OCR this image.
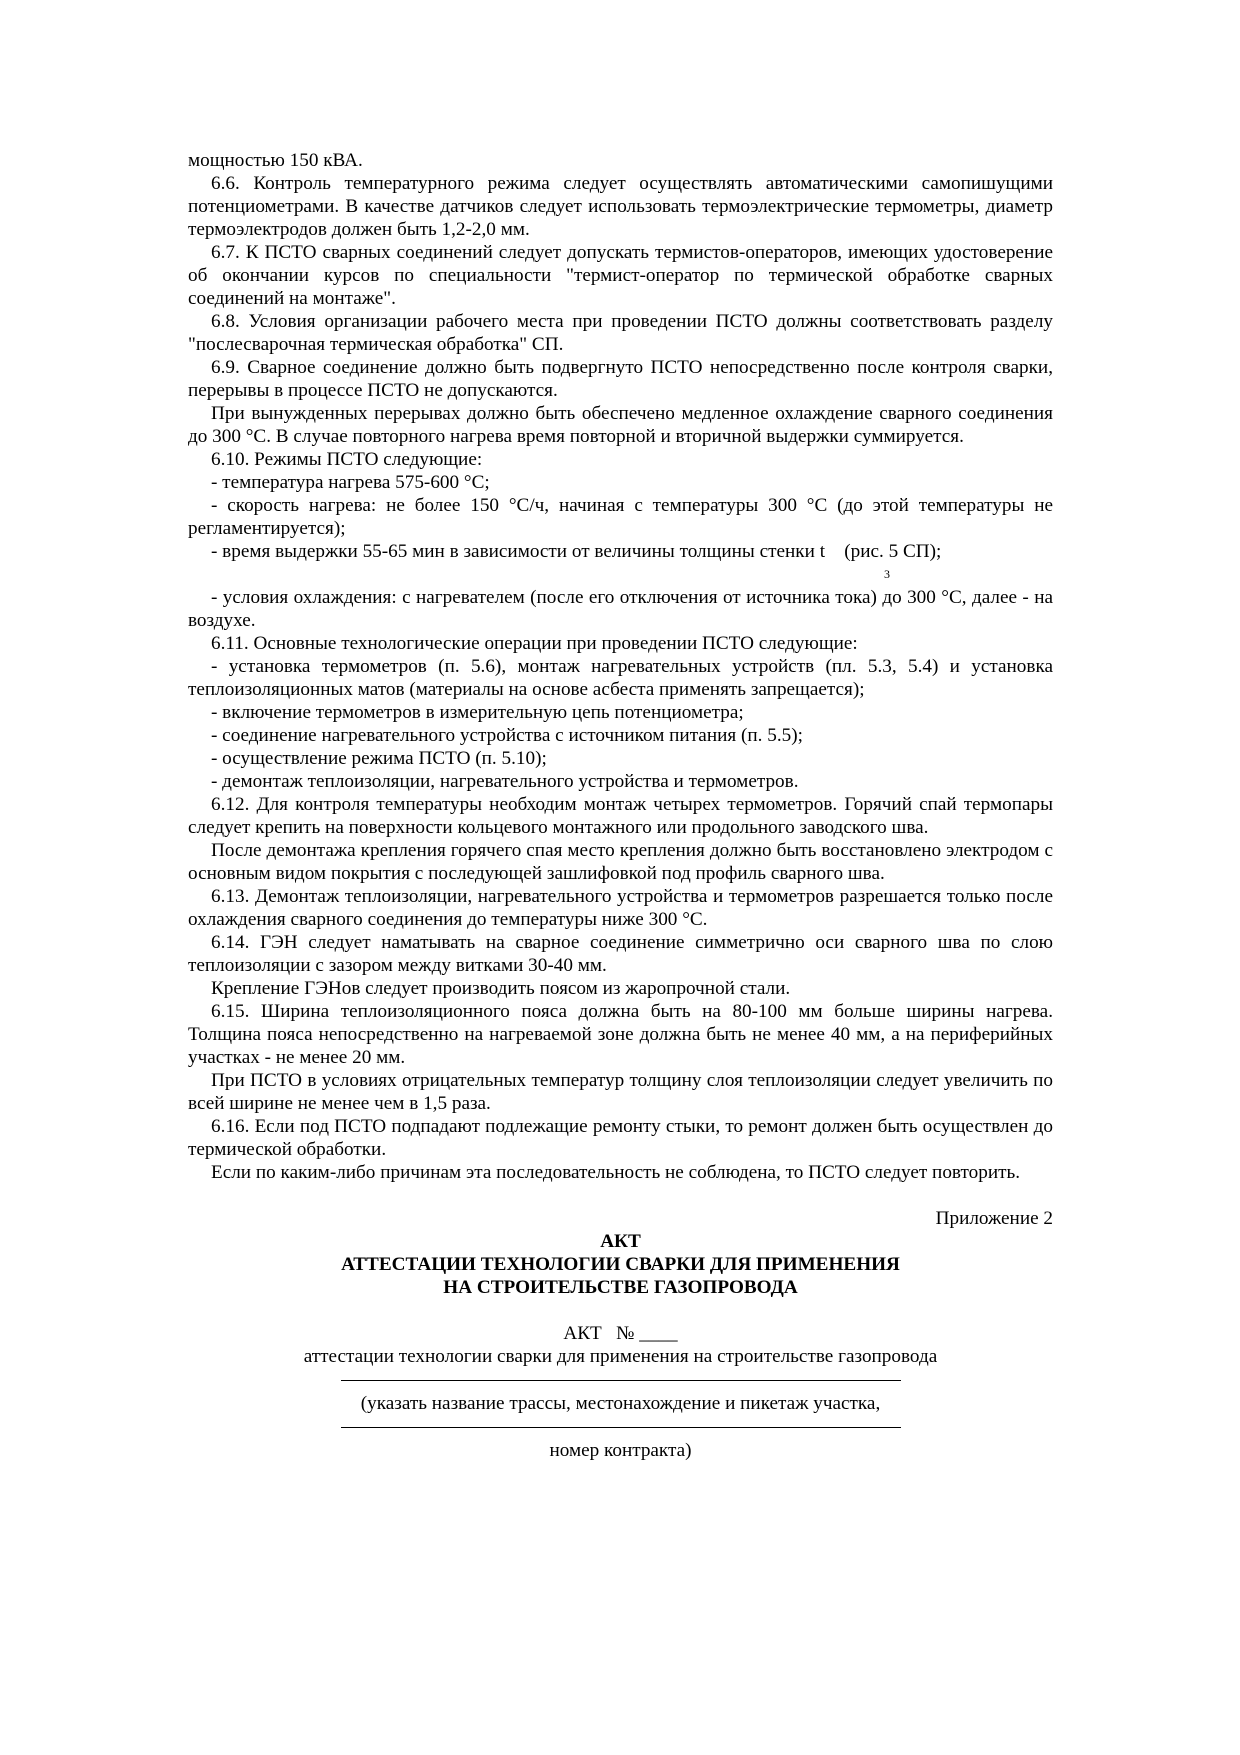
мощностью 150 кВА.

6.6. Контроль температурного режима следует осуществлять автоматическими самопишущими потенциометрами. В качестве датчиков следует использовать термоэлектрические термометры, диаметр термоэлектродов должен быть 1,2-2,0 мм.

6.7. К ПСТО сварных соединений следует допускать термистов-операторов, имеющих удостоверение об окончании курсов по специальности "термист-оператор по термической обработке сварных соединений на монтаже".

6.8. Условия организации рабочего места при проведении ПСТО должны соответствовать разделу "послесварочная термическая обработка" СП.

6.9. Сварное соединение должно быть подвергнуто ПСТО непосредственно после контроля сварки, перерывы в процессе ПСТО не допускаются.

При вынужденных перерывах должно быть обеспечено медленное охлаждение сварного соединения до 300 °С. В случае повторного нагрева время повторной и вторичной выдержки суммируется.

6.10. Режимы ПСТО следующие:

- температура нагрева 575-600 °С;

- скорость нагрева: не более 150 °С/ч, начиная с температуры 300 °С (до этой температуры не регламентируется);

- время выдержки 55-65 мин в зависимости от величины толщины стенки t    (рис. 5 СП);

3

- условия охлаждения: с нагревателем (после его отключения от источника тока) до 300 °С, далее - на воздухе.

6.11. Основные технологические операции при проведении ПСТО следующие:

- установка термометров (п. 5.6), монтаж нагревательных устройств (пл. 5.3, 5.4) и установка теплоизоляционных матов (материалы на основе асбеста применять запрещается);

- включение термометров в измерительную цепь потенциометра;

- соединение нагревательного устройства с источником питания (п. 5.5);

- осуществление режима ПСТО (п. 5.10);

- демонтаж теплоизоляции, нагревательного устройства и термометров.

6.12. Для контроля температуры необходим монтаж четырех термометров. Горячий спай термопары следует крепить на поверхности кольцевого монтажного или продольного заводского шва.

После демонтажа крепления горячего спая место крепления должно быть восстановлено электродом с основным видом покрытия с последующей зашлифовкой под профиль сварного шва.

6.13. Демонтаж теплоизоляции, нагревательного устройства и термометров разрешается только после охлаждения сварного соединения до температуры ниже 300 °С.

6.14. ГЭН следует наматывать на сварное соединение симметрично оси сварного шва по слою теплоизоляции с зазором между витками 30-40 мм.

Крепление ГЭНов следует производить поясом из жаропрочной стали.

6.15. Ширина теплоизоляционного пояса должна быть на 80-100 мм больше ширины нагрева. Толщина пояса непосредственно на нагреваемой зоне должна быть не менее 40 мм, а на периферийных участках - не менее 20 мм.

При ПСТО в условиях отрицательных температур толщину слоя теплоизоляции следует увеличить по всей ширине не менее чем в 1,5 раза.

6.16. Если под ПСТО подпадают подлежащие ремонту стыки, то ремонт должен быть осуществлен до термической обработки.

Если по каким-либо причинам эта последовательность не соблюдена, то ПСТО следует повторить.

Приложение 2

АКТ

АТТЕСТАЦИИ ТЕХНОЛОГИИ СВАРКИ ДЛЯ ПРИМЕНЕНИЯ

НА СТРОИТЕЛЬСТВЕ ГАЗОПРОВОДА

АКТ   № ____

аттестации технологии сварки для применения на строительстве газопровода

(указать название трассы, местонахождение и пикетаж участка,

номер контракта)
